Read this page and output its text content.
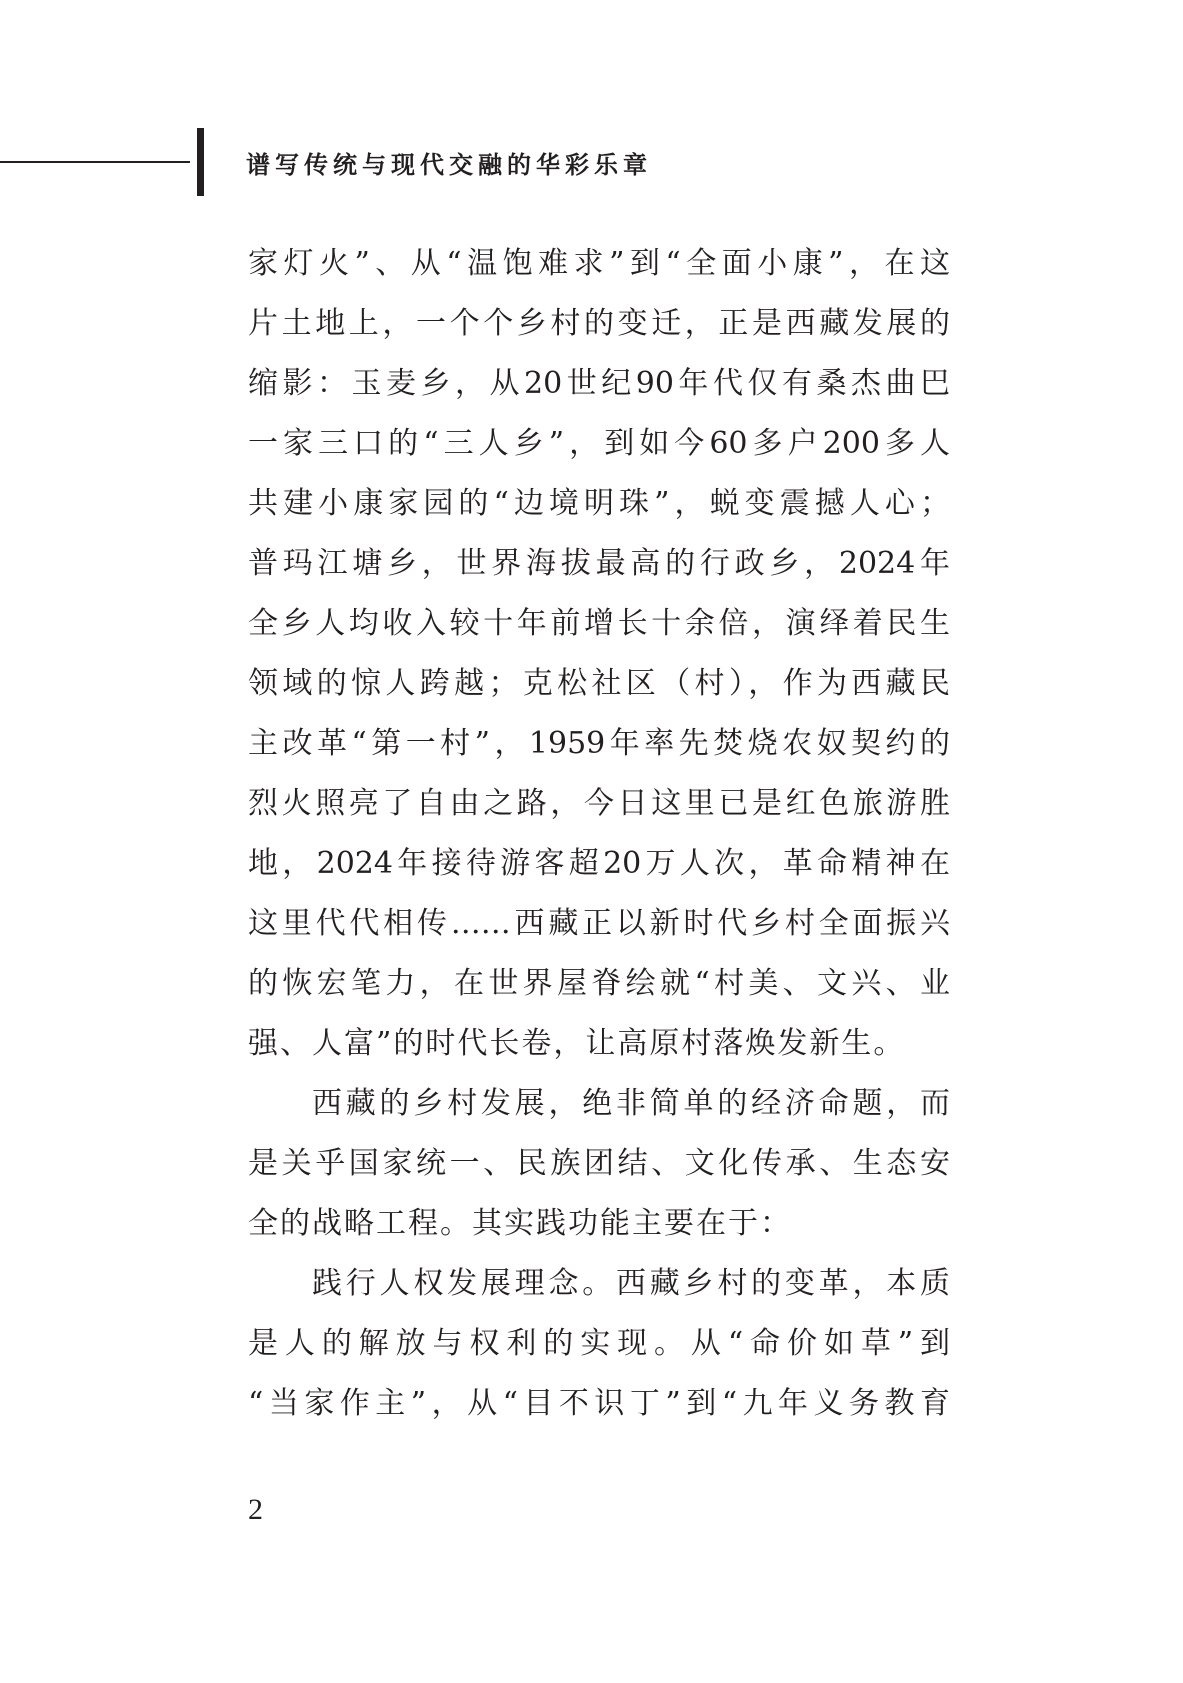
谱写传统与现代交融的华彩乐章
家灯火”、从“温饱难求”到“全面小康”，在这
片土地上，一个个乡村的变迁，正是西藏发展的
缩影：玉麦乡，从20世纪90年代仅有桑杰曲巴
一家三口的“三人乡”，到如今60多户200多人
共建小康家园的“边境明珠”，蜕变震撼人心；
普玛江塘乡，世界海拔最高的行政乡，2024年
全乡人均收入较十年前增长十余倍，演绎着民生
领域的惊人跨越；克松社区（村），作为西藏民
主改革“第一村”，1959年率先焚烧农奴契约的
烈火照亮了自由之路，今日这里已是红色旅游胜
地，2024年接待游客超20万人次，革命精神在
这里代代相传……西藏正以新时代乡村全面振兴
的恢宏笔力，在世界屋脊绘就“村美、文兴、业
强、人富”的时代长卷，让高原村落焕发新生。
西藏的乡村发展，绝非简单的经济命题，而
是关乎国家统一、民族团结、文化传承、生态安
全的战略工程。其实践功能主要在于：
践行人权发展理念。西藏乡村的变革，本质
是人的解放与权利的实现。从“命价如草”到
“当家作主”，从“目不识丁”到“九年义务教育
2
